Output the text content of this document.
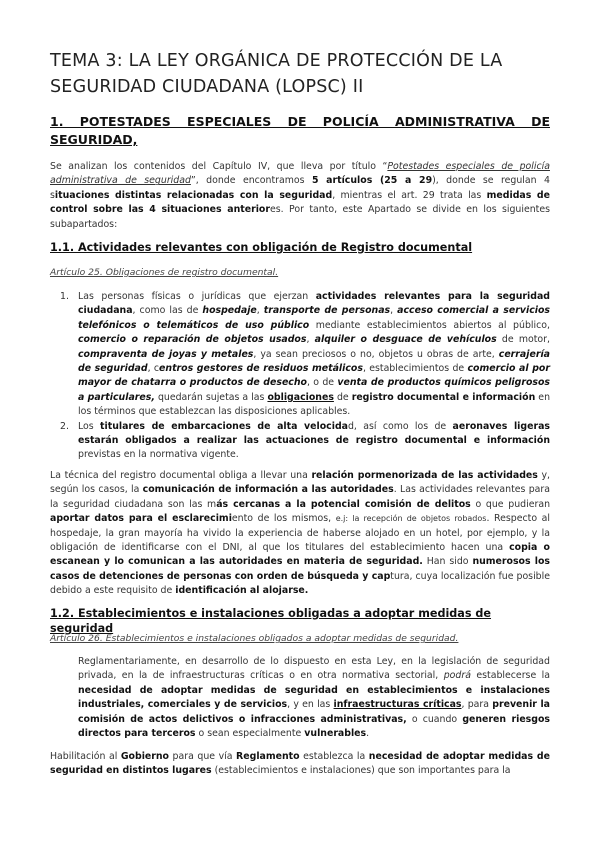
TEMA 3: LA LEY ORGÁNICA DE PROTECCIÓN DE LA SEGURIDAD CIUDADANA (LOPSC) II
1. POTESTADES ESPECIALES DE POLICÍA ADMINISTRATIVA DE SEGURIDAD,

Se analizan los contenidos del Capítulo IV, que lleva por título “Potestades especiales de policía administrativa de seguridad”, donde encontramos 5 artículos (25 a 29), donde se regulan 4 situaciones distintas relacionadas con la seguridad, mientras el art. 29 trata las medidas de control sobre las 4 situaciones anteriores. Por tanto, este Apartado se divide en los siguientes subapartados:

1.1. Actividades relevantes con obligación de Registro documental

Artículo 25. Obligaciones de registro documental.

1. Las personas físicas o jurídicas que ejerzan actividades relevantes para la seguridad ciudadana, como las de hospedaje, transporte de personas, acceso comercial a servicios telefónicos o telemáticos de uso público mediante establecimientos abiertos al público, comercio o reparación de objetos usados, alquiler o desguace de vehículos de motor, compraventa de joyas y metales, ya sean preciosos o no, objetos u obras de arte, cerrajería de seguridad, centros gestores de residuos metálicos, establecimientos de comercio al por mayor de chatarra o productos de desecho, o de venta de productos químicos peligrosos a particulares, quedarán sujetas a las obligaciones de registro documental e información en los términos que establezcan las disposiciones aplicables.
2. Los titulares de embarcaciones de alta velocidad, así como los de aeronaves ligeras estarán obligados a realizar las actuaciones de registro documental e información previstas en la normativa vigente.

La técnica del registro documental obliga a llevar una relación pormenorizada de las actividades y, según los casos, la comunicación de información a las autoridades. Las actividades relevantes para la seguridad ciudadana son las más cercanas a la potencial comisión de delitos o que pudieran aportar datos para el esclarecimiento de los mismos, e.j: la recepción de objetos robados. Respecto al hospedaje, la gran mayoría ha vivido la experiencia de haberse alojado en un hotel, por ejemplo, y la obligación de identificarse con el DNI, al que los titulares del establecimiento hacen una copia o escanean y lo comunican a las autoridades en materia de seguridad. Han sido numerosos los casos de detenciones de personas con orden de búsqueda y captura, cuya localización fue posible debido a este requisito de identificación al alojarse.

1.2. Establecimientos e instalaciones obligadas a adoptar medidas de seguridad

Artículo 26. Establecimientos e instalaciones obligados a adoptar medidas de seguridad.

Reglamentariamente, en desarrollo de lo dispuesto en esta Ley, en la legislación de seguridad privada, en la de infraestructuras críticas o en otra normativa sectorial, podrá establecerse la necesidad de adoptar medidas de seguridad en establecimientos e instalaciones industriales, comerciales y de servicios, y en las infraestructuras críticas, para prevenir la comisión de actos delictivos o infracciones administrativas, o cuando generen riesgos directos para terceros o sean especialmente vulnerables.

Habilitación al Gobierno para que vía Reglamento establezca la necesidad de adoptar medidas de seguridad en distintos lugares (establecimientos e instalaciones) que son importantes para la
